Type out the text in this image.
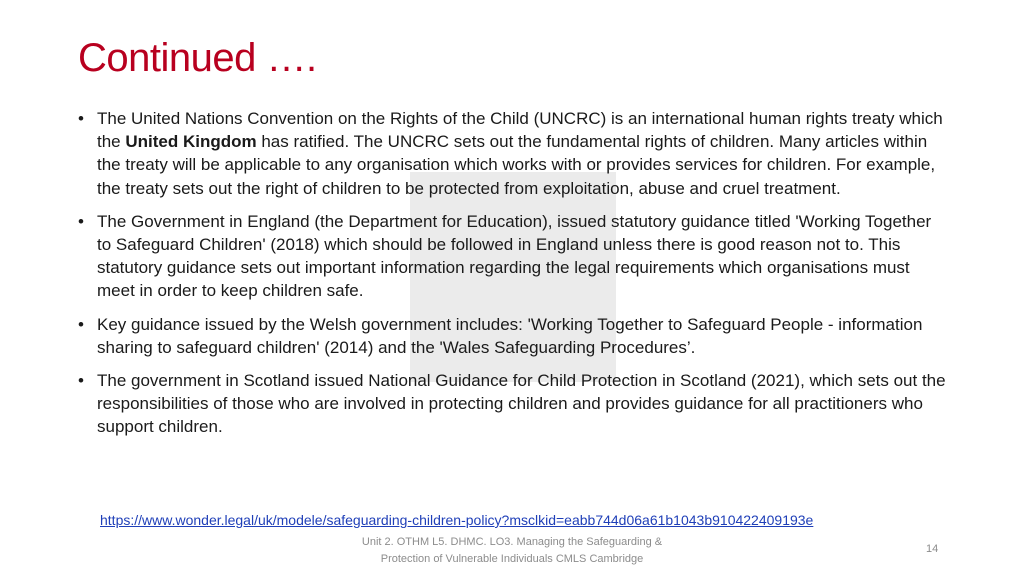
Continued ….
• The United Nations Convention on the Rights of the Child (UNCRC) is an international human rights treaty which the United Kingdom has ratified. The UNCRC sets out the fundamental rights of children. Many articles within the treaty will be applicable to any organisation which works with or provides services for children. For example, the treaty sets out the right of children to be protected from exploitation, abuse and cruel treatment.
• The Government in England (the Department for Education), issued statutory guidance titled 'Working Together to Safeguard Children' (2018) which should be followed in England unless there is good reason not to. This statutory guidance sets out important information regarding the legal requirements which organisations must meet in order to keep children safe.
• Key guidance issued by the Welsh government includes: 'Working Together to Safeguard People - information sharing to safeguard children' (2014) and the 'Wales Safeguarding Procedures’.
• The government in Scotland issued National Guidance for Child Protection in Scotland (2021), which sets out the responsibilities of those who are involved in protecting children and provides guidance for all practitioners who support children.
https://www.wonder.legal/uk/modele/safeguarding-children-policy?msclkid=eabb744d06a61b1043b910422409193e
Unit 2. OTHM L5. DHMC. LO3. Managing the Safeguarding &
Protection of Vulnerable Individuals CMLS Cambridge
14
